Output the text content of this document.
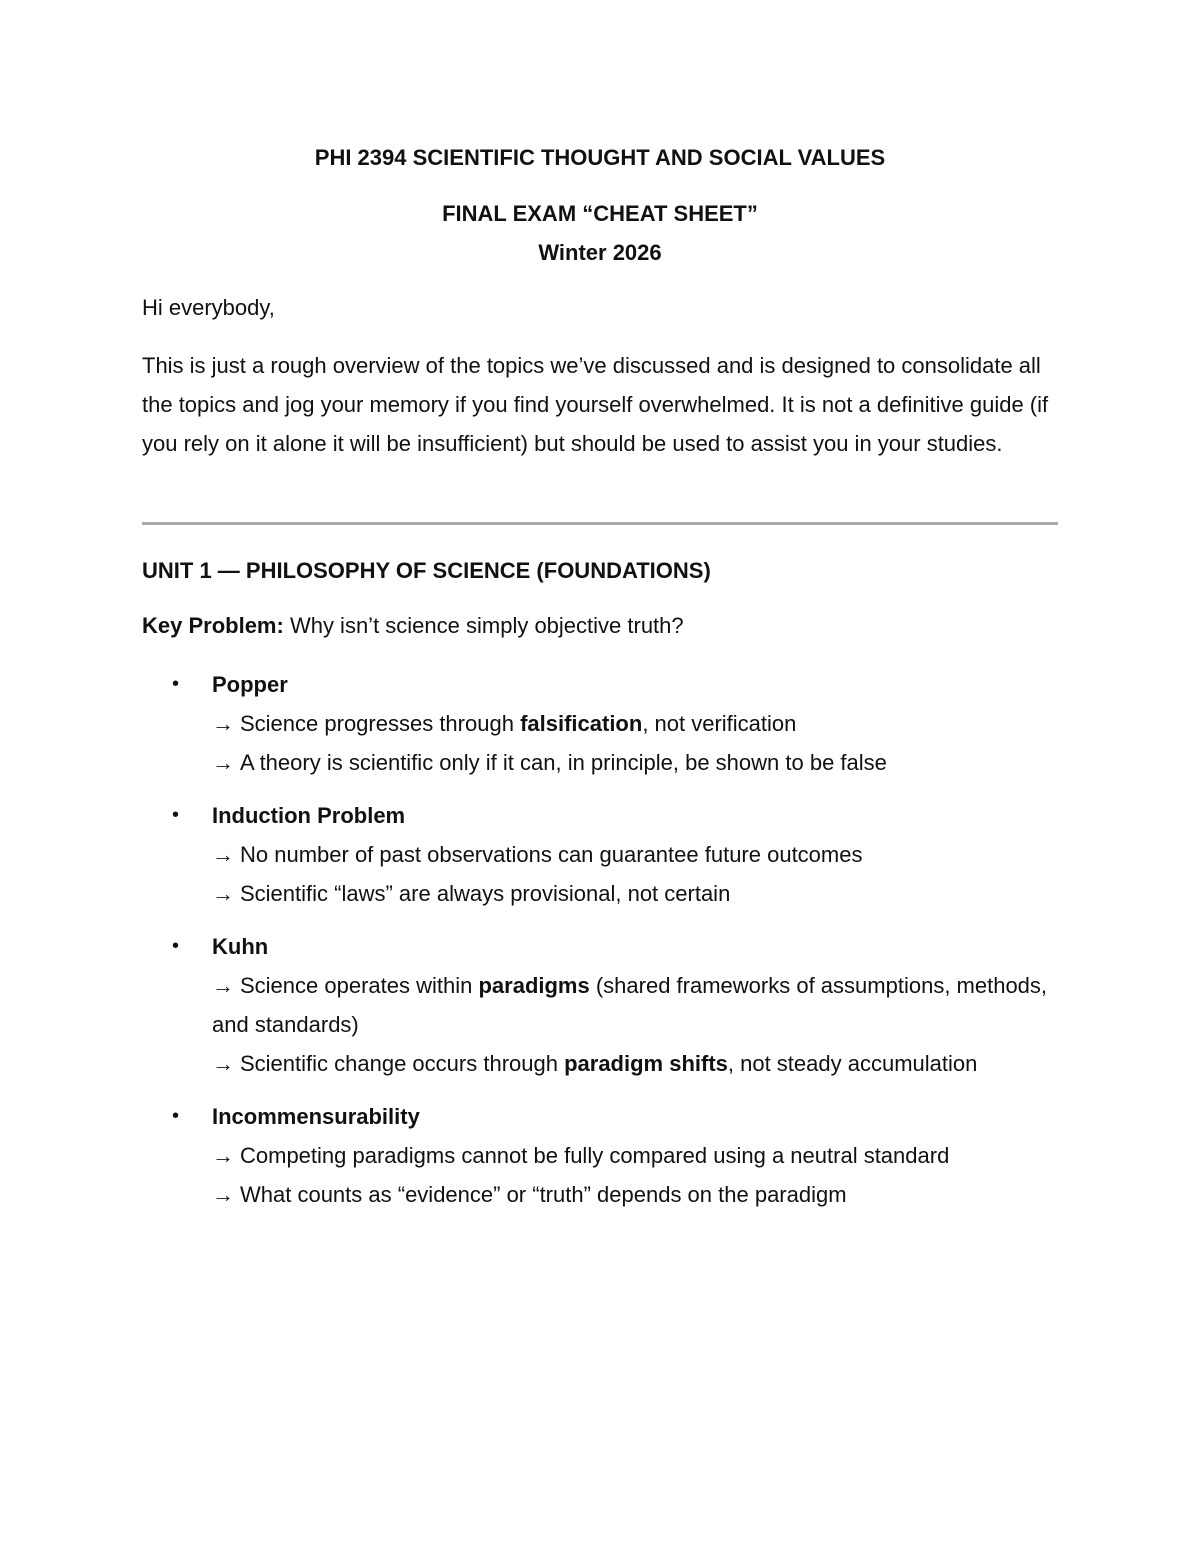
PHI 2394 SCIENTIFIC THOUGHT AND SOCIAL VALUES
FINAL EXAM “CHEAT SHEET”
Winter 2026
Hi everybody,
This is just a rough overview of the topics we’ve discussed and is designed to consolidate all the topics and jog your memory if you find yourself overwhelmed. It is not a definitive guide (if you rely on it alone it will be insufficient) but should be used to assist you in your studies.
UNIT 1 — PHILOSOPHY OF SCIENCE (FOUNDATIONS)
Key Problem: Why isn’t science simply objective truth?
• Popper
→ Science progresses through falsification, not verification
→ A theory is scientific only if it can, in principle, be shown to be false
• Induction Problem
→ No number of past observations can guarantee future outcomes
→ Scientific “laws” are always provisional, not certain
• Kuhn
→ Science operates within paradigms (shared frameworks of assumptions, methods, and standards)
→ Scientific change occurs through paradigm shifts, not steady accumulation
• Incommensurability
→ Competing paradigms cannot be fully compared using a neutral standard
→ What counts as “evidence” or “truth” depends on the paradigm
